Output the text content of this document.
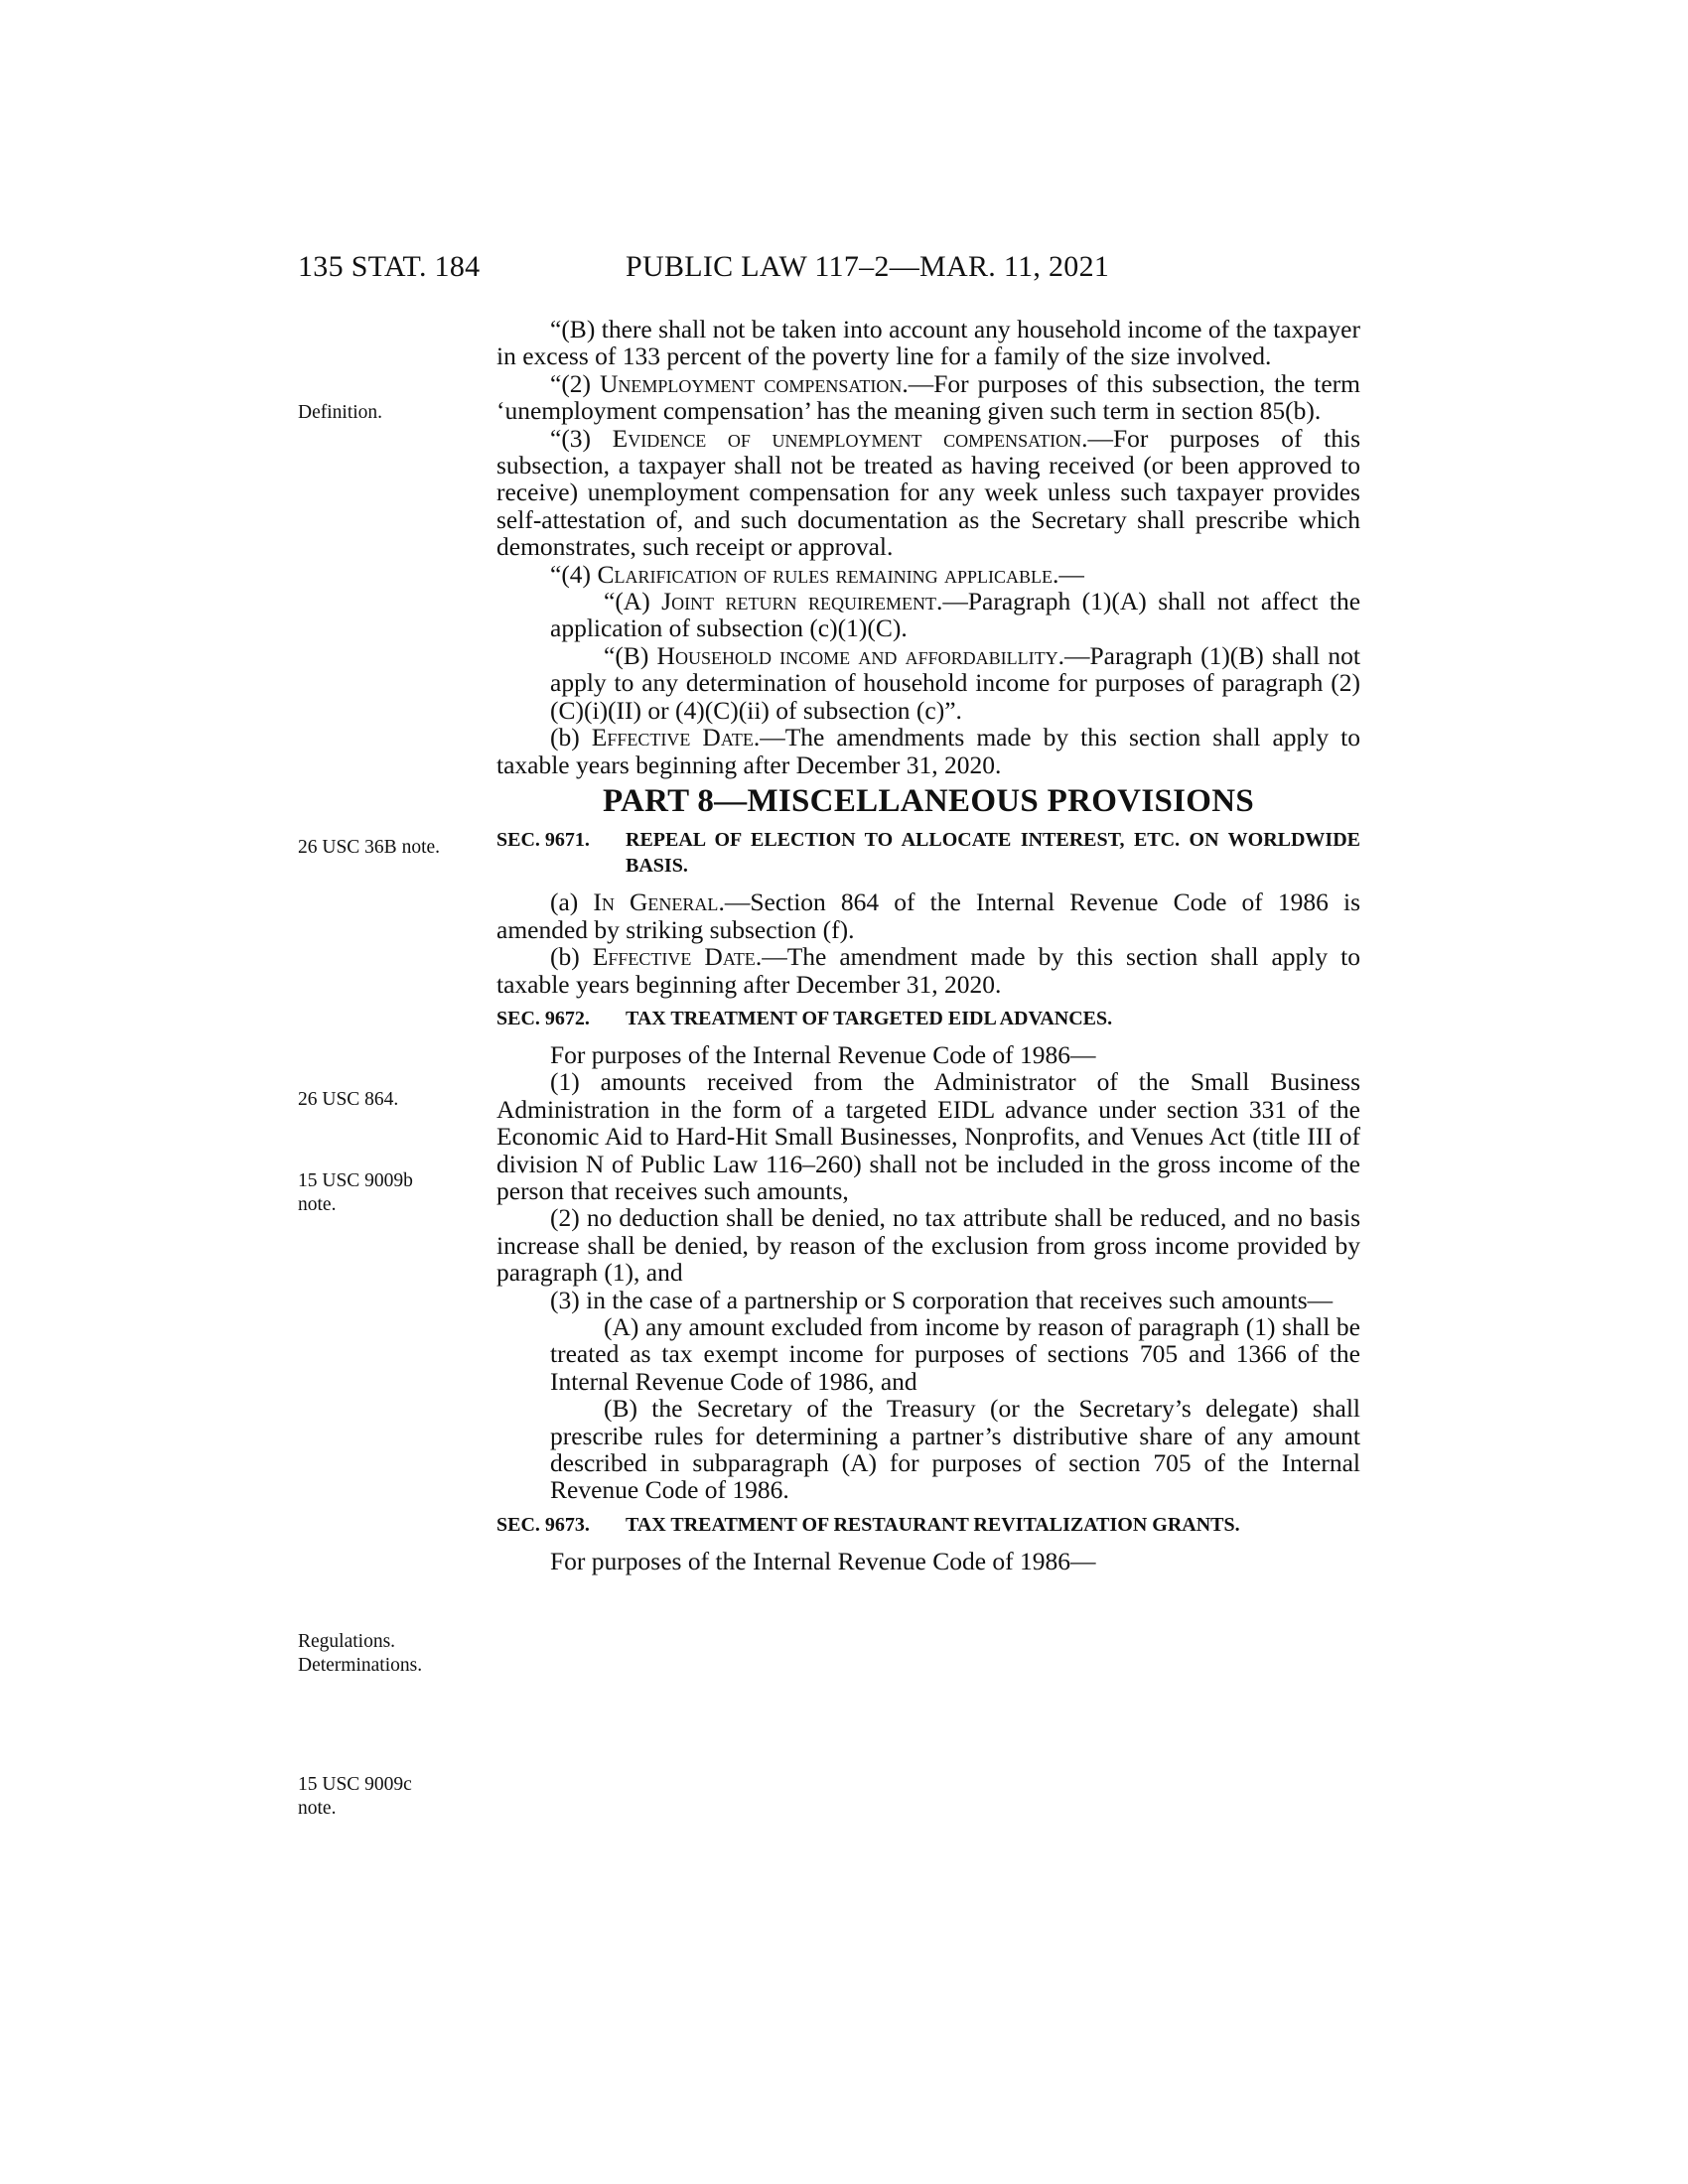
135 STAT. 184	PUBLIC LAW 117–2—MAR. 11, 2021
Definition.
26 USC 36B note.
26 USC 864.
15 USC 9009b
note.
Regulations.
Determinations.
15 USC 9009c
note.

“(B) there shall not be taken into account any household income of the taxpayer in excess of 133 percent of the poverty line for a family of the size involved.

“(2) Unemployment compensation.—For purposes of this subsection, the term ‘unemployment compensation’ has the meaning given such term in section 85(b).

“(3) Evidence of unemployment compensation.—For purposes of this subsection, a taxpayer shall not be treated as having received (or been approved to receive) unemployment compensation for any week unless such taxpayer provides self-attestation of, and such documentation as the Secretary shall prescribe which demonstrates, such receipt or approval.

“(4) Clarification of rules remaining applicable.—

“(A) Joint return requirement.—Paragraph (1)(A) shall not affect the application of subsection (c)(1)(C).

“(B) Household income and affordabillity.—Paragraph (1)(B) shall not apply to any determination of household income for purposes of paragraph (2)(C)(i)(II) or (4)(C)(ii) of subsection (c)”.

(b) Effective Date.—The amendments made by this section shall apply to taxable years beginning after December 31, 2020.

PART 8—MISCELLANEOUS PROVISIONS
SEC. 9671. REPEAL OF ELECTION TO ALLOCATE INTEREST, ETC. ON WORLDWIDE BASIS.

(a) In General.—Section 864 of the Internal Revenue Code of 1986 is amended by striking subsection (f).

(b) Effective Date.—The amendment made by this section shall apply to taxable years beginning after December 31, 2020.

SEC. 9672. TAX TREATMENT OF TARGETED EIDL ADVANCES.

For purposes of the Internal Revenue Code of 1986—

(1) amounts received from the Administrator of the Small Business Administration in the form of a targeted EIDL advance under section 331 of the Economic Aid to Hard-Hit Small Businesses, Nonprofits, and Venues Act (title III of division N of Public Law 116–260) shall not be included in the gross income of the person that receives such amounts,

(2) no deduction shall be denied, no tax attribute shall be reduced, and no basis increase shall be denied, by reason of the exclusion from gross income provided by paragraph (1), and

(3) in the case of a partnership or S corporation that receives such amounts—

(A) any amount excluded from income by reason of paragraph (1) shall be treated as tax exempt income for purposes of sections 705 and 1366 of the Internal Revenue Code of 1986, and

(B) the Secretary of the Treasury (or the Secretary’s delegate) shall prescribe rules for determining a partner’s distributive share of any amount described in subparagraph (A) for purposes of section 705 of the Internal Revenue Code of 1986.

SEC. 9673. TAX TREATMENT OF RESTAURANT REVITALIZATION GRANTS.

For purposes of the Internal Revenue Code of 1986—
